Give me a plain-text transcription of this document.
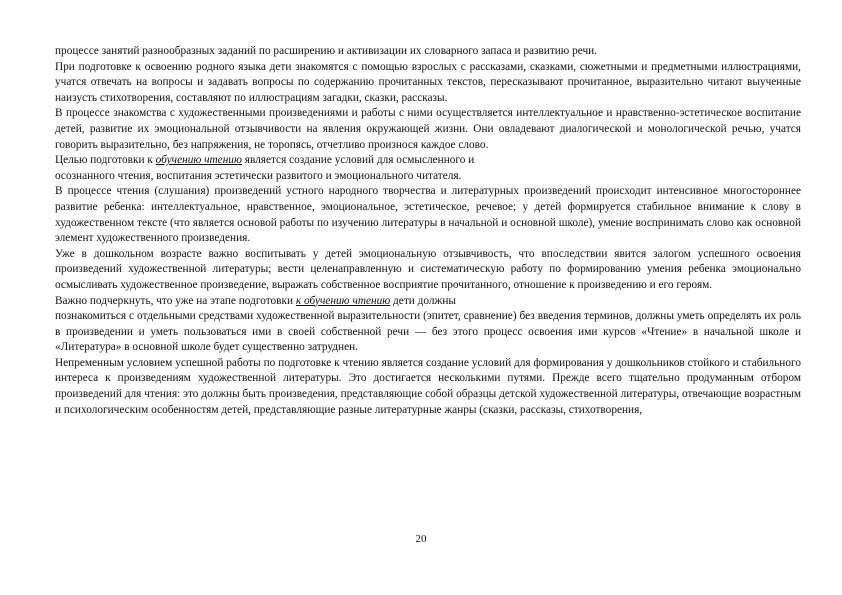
процессе занятий разнообразных заданий по расширению и активизации их словарного запаса и развитию речи.

При подготовке к освоению родного языка дети знакомятся с помощью взрослых с рассказами, сказками, сюжетными и предметными иллюстрациями, учатся отвечать на вопросы и задавать вопросы по содержанию прочитанных текстов, пересказывают прочитанное, выразительно читают выученные наизусть стихотворения, составляют по иллюстрациям загадки, сказки, рассказы.

В процессе знакомства с художественными произведениями и работы с ними осуществляется интеллектуальное и нравственно-эстетическое воспитание детей, развитие их эмоциональной отзывчивости на явления окружающей жизни. Они овладевают диалогической и монологической речью, учатся говорить выразительно, без напряжения, не торопясь, отчетливо произнося каждое слово.

Целью подготовки к обучению чтению является создание условий для осмысленного и

осознанного чтения, воспитания эстетически развитого и эмоционального читателя.

В процессе чтения (слушания) произведений устного народного творчества и литературных произведений происходит интенсивное многостороннее развитие ребенка: интеллектуальное, нравственное, эмоциональное, эстетическое, речевое; у детей формируется стабильное внимание к слову в художественном тексте (что является основой работы по изучению литературы в начальной и основной школе), умение воспринимать слово как основной элемент художественного произведения.

Уже в дошкольном возрасте важно воспитывать у детей эмоциональную отзывчивость, что впоследствии явится залогом успешного освоения произведений художественной литературы; вести целенаправленную и систематическую работу по формированию умения ребенка эмоционально осмысливать художественное произведение, выражать собственное восприятие прочитанного, отношение к произведению и его героям.

Важно подчеркнуть, что уже на этапе подготовки к обучению чтению дети должны

познакомиться с отдельными средствами художественной выразительности (эпитет, сравнение) без введения терминов, должны уметь определять их роль в произведении и уметь пользоваться ими в своей собственной речи — без этого процесс освоения ими курсов «Чтение» в начальной школе и «Литература» в основной школе будет существенно затруднен.

Непременным условием успешной работы по подготовке к чтению является создание условий для формирования у дошкольников стойкого и стабильного интереса к произведениям художественной литературы. Это достигается несколькими путями. Прежде всего тщательно продуманным отбором произведений для чтения: это должны быть произведения, представляющие собой образцы детской художественной литературы, отвечающие возрастным и психологическим особенностям детей, представляющие разные литературные жанры (сказки, рассказы, стихотворения,

20
